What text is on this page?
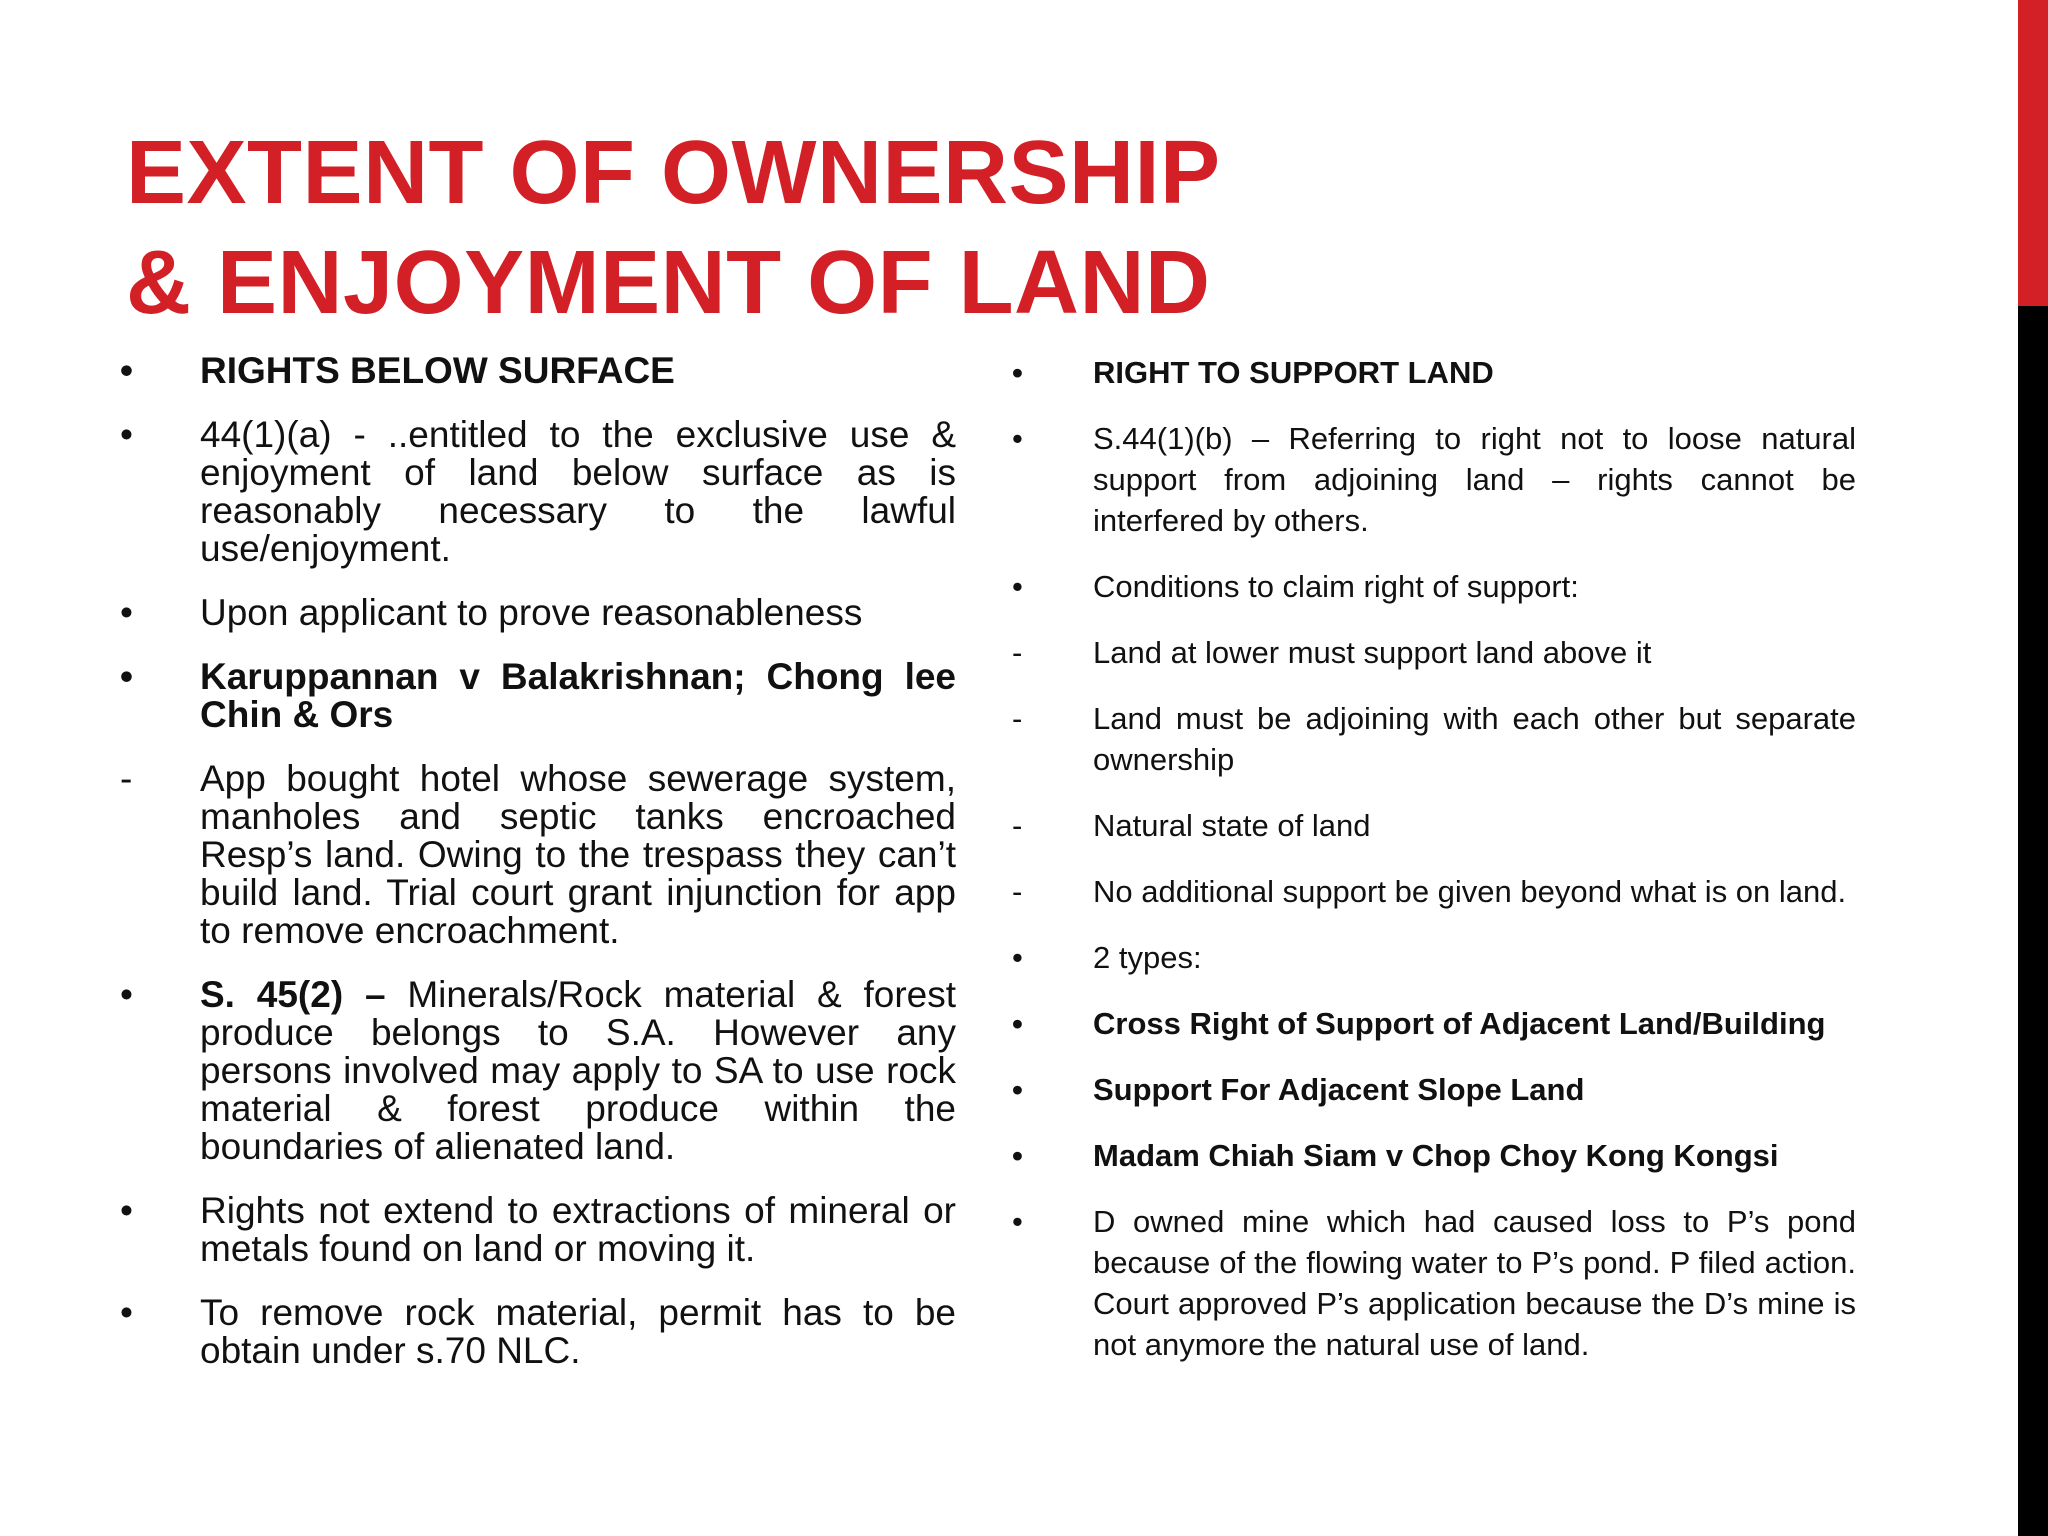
EXTENT OF OWNERSHIP
& ENJOYMENT OF LAND
•	RIGHTS BELOW SURFACE
•	44(1)(a) - ..entitled to the exclusive use & enjoyment of land below surface as is reasonably necessary to the lawful use/enjoyment.
•	Upon applicant to prove reasonableness
•	Karuppannan v Balakrishnan; Chong lee Chin & Ors
-	App bought hotel whose sewerage system, manholes and septic tanks encroached Resp’s land. Owing to the trespass they can’t build land. Trial court grant injunction for app to remove encroachment.
•	S. 45(2) – Minerals/Rock material & forest produce belongs to S.A. However any persons involved may apply to SA to use rock material & forest produce within the boundaries of alienated land.
•	Rights not extend to extractions of mineral or metals found on land or moving it.
•	To remove rock material, permit has to be obtain under s.70 NLC.
•	RIGHT TO SUPPORT LAND
•	S.44(1)(b) – Referring to right not to loose natural support from adjoining land – rights cannot be interfered by others.
•	Conditions to claim right of support:
-	Land at lower must support land above it
-	Land must be adjoining with each other but separate ownership
-	Natural state of land
-	No additional support be given beyond what is on land.
•	2 types:
•	Cross Right of Support of Adjacent Land/Building
•	Support For Adjacent Slope Land
•	Madam Chiah Siam v Chop Choy Kong Kongsi
•	D owned mine which had caused loss to P’s pond because of the flowing water to P’s pond. P filed action. Court approved P’s application because the D’s mine is not anymore the natural use of land.
